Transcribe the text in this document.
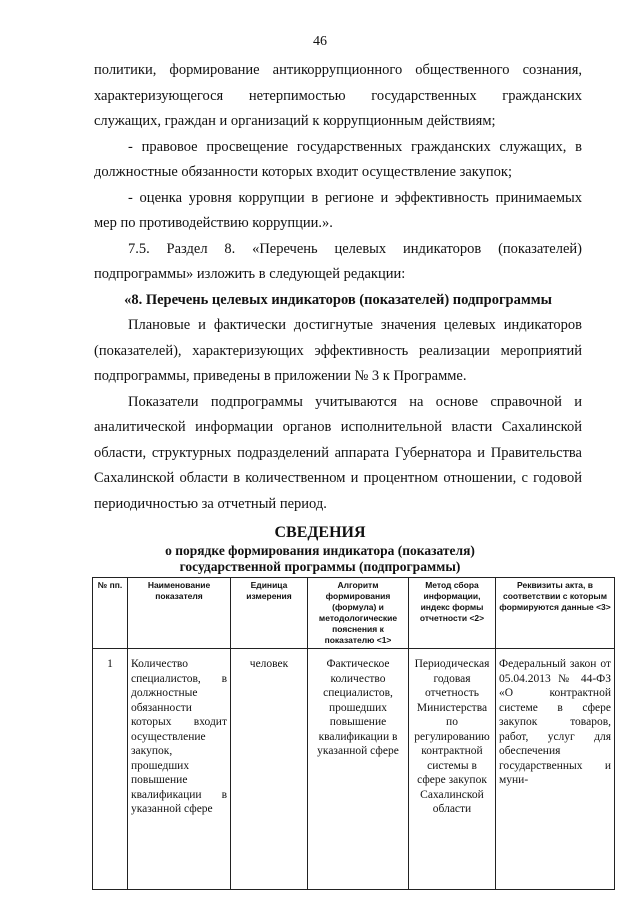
46

политики, формирование антикоррупционного общественного сознания, характеризующегося нетерпимостью государственных гражданских служащих, граждан и организаций к коррупционным действиям;

- правовое просвещение государственных гражданских служащих, в должностные обязанности которых входит осуществление закупок;

- оценка уровня коррупции в регионе и эффективность принимаемых мер по противодействию коррупции.».

7.5. Раздел 8. «Перечень целевых индикаторов (показателей) подпрограммы» изложить в следующей редакции:

«8. Перечень целевых индикаторов (показателей) подпрограммы

Плановые и фактически достигнутые значения целевых индикаторов (показателей), характеризующих эффективность реализации мероприятий подпрограммы, приведены в приложении № 3 к Программе.

Показатели подпрограммы учитываются на основе справочной и аналитической информации органов исполнительной власти Сахалинской области, структурных подразделений аппарата Губернатора и Правительства Сахалинской области в количественном и процентном отношении, с годовой периодичностью за отчетный период.

СВЕДЕНИЯ
о порядке формирования индикатора (показателя)
государственной программы (подпрограммы)
№ пп.	Наименование показателя	Единица измерения	Алгоритм формирования (формула) и методологические пояснения к показателю <1>	Метод сбора информации, индекс формы отчетности <2>	Реквизиты акта, в соответствии с которым формируются данные <3>
1	Количество специалистов, в должностные обязанности которых входит осуществление закупок, прошедших повышение квалификации в указанной сфере	человек	Фактическое количество специалистов, прошедших повышение квалификации в указанной сфере	Периодическая годовая отчетность Министерства по регулированию контрактной системы в сфере закупок Сахалинской области	Федеральный закон от 05.04.2013 № 44-ФЗ «О контрактной системе в сфере закупок товаров, работ, услуг для обеспечения государственных и муни-
